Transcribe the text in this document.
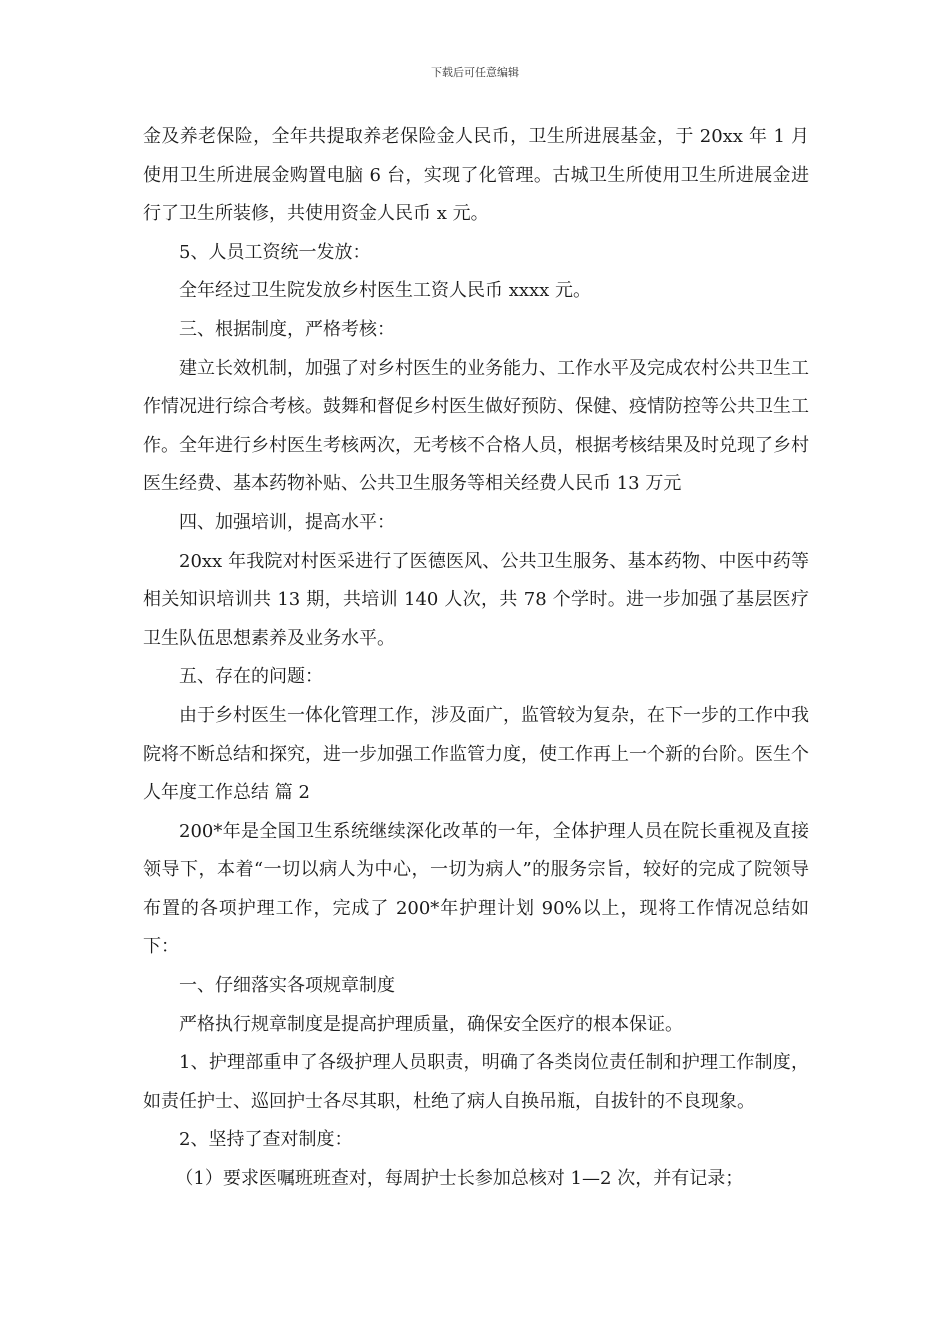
下载后可任意编辑

金及养老保险，全年共提取养老保险金人民币，卫生所进展基金，于 20xx 年 1 月使用卫生所进展金购置电脑 6 台，实现了化管理。古城卫生所使用卫生所进展金进行了卫生所装修，共使用资金人民币 x 元。

5、人员工资统一发放：

全年经过卫生院发放乡村医生工资人民币 xxxx 元。

三、根据制度，严格考核：

建立长效机制，加强了对乡村医生的业务能力、工作水平及完成农村公共卫生工作情况进行综合考核。鼓舞和督促乡村医生做好预防、保健、疫情防控等公共卫生工作。全年进行乡村医生考核两次，无考核不合格人员，根据考核结果及时兑现了乡村医生经费、基本药物补贴、公共卫生服务等相关经费人民币 13 万元

四、加强培训，提高水平：

20xx 年我院对村医采进行了医德医风、公共卫生服务、基本药物、中医中药等相关知识培训共 13 期，共培训 140 人次，共 78 个学时。进一步加强了基层医疗卫生队伍思想素养及业务水平。

五、存在的问题：

由于乡村医生一体化管理工作，涉及面广，监管较为复杂，在下一步的工作中我院将不断总结和探究，进一步加强工作监管力度，使工作再上一个新的台阶。医生个人年度工作总结 篇 2

200*年是全国卫生系统继续深化改革的一年，全体护理人员在院长重视及直接领导下，本着“一切以病人为中心，一切为病人”的服务宗旨，较好的完成了院领导布置的各项护理工作，完成了 200*年护理计划 90%以上，现将工作情况总结如下：

一、仔细落实各项规章制度

严格执行规章制度是提高护理质量，确保安全医疗的根本保证。

1、护理部重申了各级护理人员职责，明确了各类岗位责任制和护理工作制度，如责任护士、巡回护士各尽其职，杜绝了病人自换吊瓶，自拔针的不良现象。

2、坚持了查对制度：

（1）要求医嘱班班查对，每周护士长参加总核对 1—2 次，并有记录；
